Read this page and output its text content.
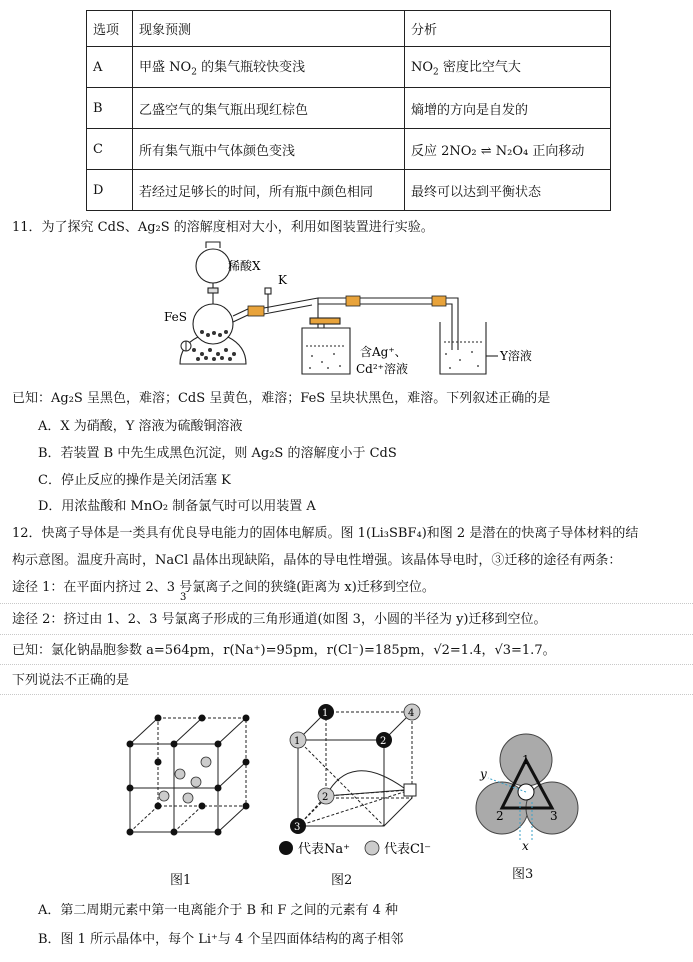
选项	现象预测	分析
A	甲盛 $NO_2$ 的集气瓶较快变浅	$NO_2$ 密度比空气大
B	乙盛空气的集气瓶出现红棕色	熵增的方向是自发的
C	所有集气瓶中气体颜色变浅	反应 2NO₂ ⇌ N₂O₄ 正向移动
D	若经过足够长的时间，所有瓶中颜色相同	最终可以达到平衡状态
11．为了探究 CdS、Ag₂S 的溶解度相对大小，利用如图装置进行实验。
稀酸X
K
FeS
含Ag⁺、
Cd²⁺溶液
Y溶液
已知：Ag₂S 呈黑色，难溶；CdS 呈黄色，难溶；FeS 呈块状黑色，难溶。下列叙述正确的是
A．X 为硝酸，Y 溶液为硫酸铜溶液
B．若装置 B 中先生成黑色沉淀，则 Ag₂S 的溶解度小于 CdS
C．停止反应的操作是关闭活塞 K
D．用浓盐酸和 MnO₂ 制备氯气时可以用装置 A
12．快离子导体是一类具有优良导电能力的固体电解质。图 1(Li₃SBF₄)和图 2 是潜在的快离子导体材料的结
构示意图。温度升高时，NaCl 晶体出现缺陷，晶体的导电性增强。该晶体导电时，③迁移的途径有两条：
途径 1：在平面内挤过 2、3 号氯离子之间的狭缝(距离为 x)迁移到空位。
途径 2：挤过由 1、2、3 号氯离子形成的三角形通道(如图 3，小圆的半径为 y)迁移到空位。
已知：氯化钠晶胞参数 a=564pm，r(Na⁺)=95pm，r(Cl⁻)=185pm，√2=1.4，√3=1.7。
下列说法不正确的是
图1
1
2
3
4
1
2
3
代表Na⁺	代表Cl⁻
图2
1
2	3
y
x
图3
A．第二周期元素中第一电离能介于 B 和 F 之间的元素有 4 种
B．图 1 所示晶体中，每个 Li⁺与 4 个呈四面体结构的离子相邻
